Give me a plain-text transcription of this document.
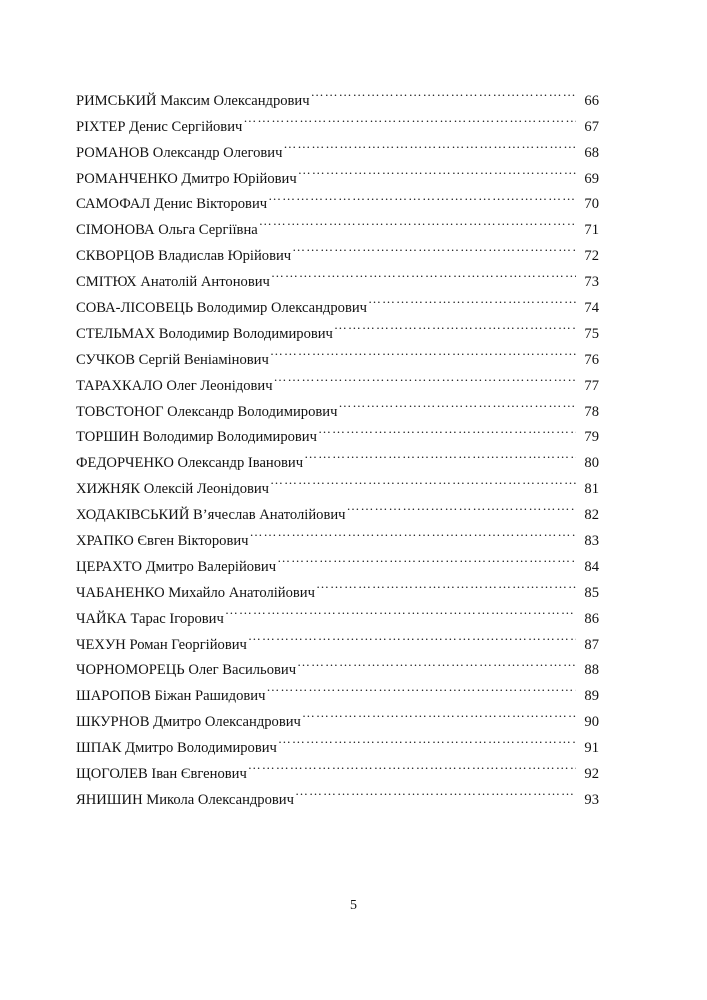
РИМСЬКИЙ Максим Олександрович ………………………………………………………………………………………………………………………………	66
РІХТЕР Денис Сергійович ………………………………………………………………………………………………………………………………	67
РОМАНОВ Олександр Олегович ………………………………………………………………………………………………………………………………	68
РОМАНЧЕНКО Дмитро Юрійович ………………………………………………………………………………………………………………………………	69
САМОФАЛ Денис Вікторович ………………………………………………………………………………………………………………………………	70
СІМОНОВА Ольга Сергіївна ………………………………………………………………………………………………………………………………	71
СКВОРЦОВ Владислав Юрійович ………………………………………………………………………………………………………………………………	72
СМІТЮХ Анатолій Антонович ………………………………………………………………………………………………………………………………	73
СОВА-ЛІСОВЕЦЬ Володимир Олександрович ………………………………………………………………………………………………………………………………	74
СТЕЛЬМАХ Володимир Володимирович ………………………………………………………………………………………………………………………………	75
СУЧКОВ Сергій Веніамінович ………………………………………………………………………………………………………………………………	76
ТАРАХКАЛО Олег Леонідович ………………………………………………………………………………………………………………………………	77
ТОВСТОНОГ Олександр Володимирович ………………………………………………………………………………………………………………………………	78
ТОРШИН Володимир Володимирович ………………………………………………………………………………………………………………………………	79
ФЕДОРЧЕНКО Олександр Іванович ………………………………………………………………………………………………………………………………	80
ХИЖНЯК Олексій Леонідович ………………………………………………………………………………………………………………………………	81
ХОДАКІВСЬКИЙ В’ячеслав Анатолійович ………………………………………………………………………………………………………………………………	82
ХРАПКО Євген Вікторович ………………………………………………………………………………………………………………………………	83
ЦЕРАХТО Дмитро Валерійович ………………………………………………………………………………………………………………………………	84
ЧАБАНЕНКО Михайло Анатолійович ………………………………………………………………………………………………………………………………	85
ЧАЙКА Тарас Ігорович ………………………………………………………………………………………………………………………………	86
ЧЕХУН Роман Георгійович ………………………………………………………………………………………………………………………………	87
ЧОРНОМОРЕЦЬ Олег Васильович ………………………………………………………………………………………………………………………………	88
ШАРОПОВ Біжан Рашидович ………………………………………………………………………………………………………………………………	89
ШКУРНОВ Дмитро Олександрович ………………………………………………………………………………………………………………………………	90
ШПАК Дмитро Володимирович ………………………………………………………………………………………………………………………………	91
ЩОГОЛЕВ Іван Євгенович ………………………………………………………………………………………………………………………………	92
ЯНИШИН Микола Олександрович ………………………………………………………………………………………………………………………………	93
5
